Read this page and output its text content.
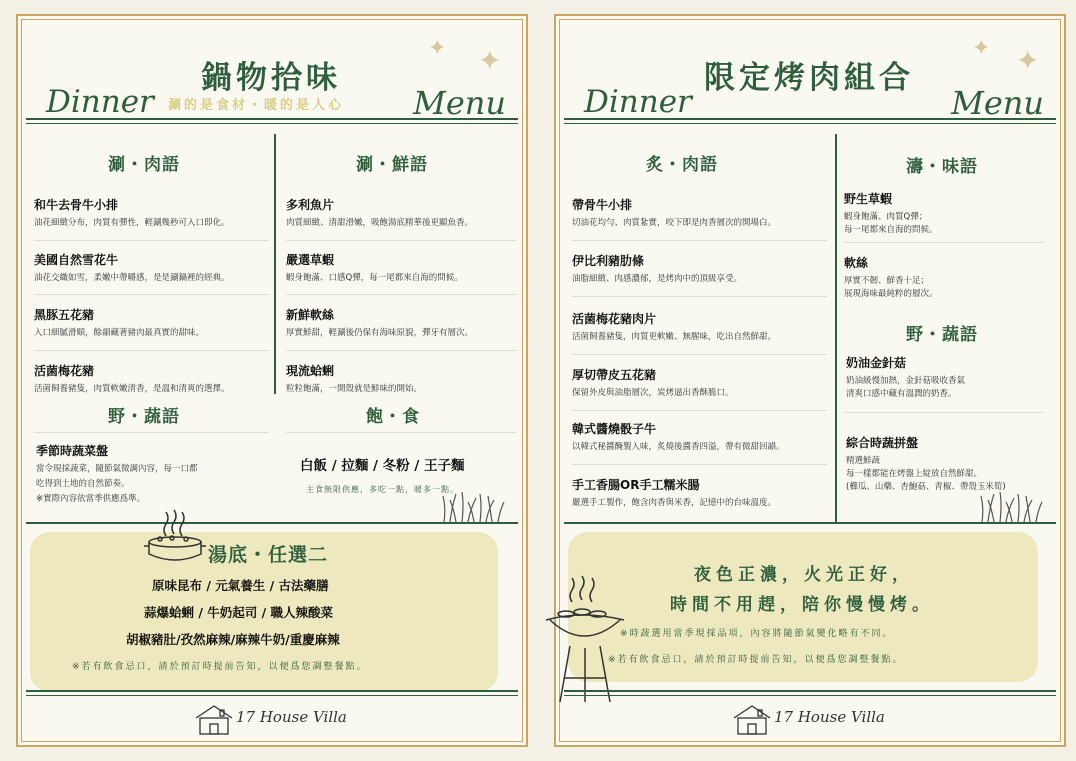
✦ ✦
鍋物拾味
Dinner 涮的是食材・暖的是人心 Menu
涮・肉語	涮・鮮語
和牛去骨牛小排
油花細緻分布，肉質有彈性，輕涮幾秒可入口即化。
美國自然雪花牛
油花交織如雪，柔嫩中帶嚼感，是是涮鍋裡的經典。
黑豚五花豬
入口細膩滑順，餘韻藏著豬肉最真實的甜味。
活菌梅花豬
活菌飼養豬隻，肉質軟嫩清香，是溫和清爽的選擇。
多利魚片
肉質細緻、清甜滑嫩，吸飽湯底精華後更顯魚香。
嚴選草蝦
蝦身飽滿、口感Q彈，每一尾都來自海的問候。
新鮮軟絲
厚實鮮甜，輕涮後仍保有海味原貌，彈牙有層次。
現流蛤蜊
粒粒飽滿，一開殼就是鮮味的開始。
野・蔬語
季節時蔬菜盤
當令現採蔬菜，隨節氣微調內容，每一口都
吃得到土地的自然節奏。
※實際內容依當季供應爲準。
飽・食
白飯 / 拉麵 / 冬粉 / 王子麵
主食無限供應，多吃一點，暖多一點。
湯底・任選二
原味昆布 / 元氣養生 / 古法藥膳
蒜爆蛤蜊 / 牛奶起司 / 職人辣酸菜
胡椒豬肚/孜然麻辣/麻辣牛奶/重慶麻辣
※若有飲食忌口，請於預訂時提前告知，以便爲您調整餐點。
17 House Villa
✦ ✦
限定烤肉組合
Dinner	Menu
炙・肉語	濤・味語
帶骨牛小排
切油花均勻、肉質紮實，咬下即是肉香層次的開場白。
伊比利豬肋條
油脂細緻、肉感濃郁，是烤肉中的頂級享受。
活菌梅花豬肉片
活菌飼養豬隻，肉質更軟嫩、無腥味，吃出自然鮮甜。
厚切帶皮五花豬
保留外皮與油脂層次，炭烤逼出香酥脆口。
韓式醬燒骰子牛
以韓式秘醬醃製入味，炙燒後醬香四溢，帶有微甜回韻。
手工香腸OR手工糯米腸
嚴選手工製作，飽含肉香與米香，記憶中的台味溫度。
野生草蝦
蝦身飽滿、肉質Q彈；
每一尾都來自海的問候。
軟絲
厚實不韌、鮮香十足；
展現海味最純粹的層次。
野・蔬語
奶油金針菇
奶油緩慢加熱，金針菇吸收香氣
清爽口感中藏有溫潤的奶香。
綜合時蔬拼盤
精選鮮蔬
每一樣都能在烤盤上綻放自然鮮甜。
(櫛瓜、山藥、杏鮑菇、青椒、帶殼玉米筍)
夜色正濃，火光正好，
時間不用趕，陪你慢慢烤。
※時蔬選用當季現採品項，內容將隨節氣變化略有不同。
※若有飲食忌口，請於預訂時提前告知，以便爲您調整餐點。
17 House Villa
